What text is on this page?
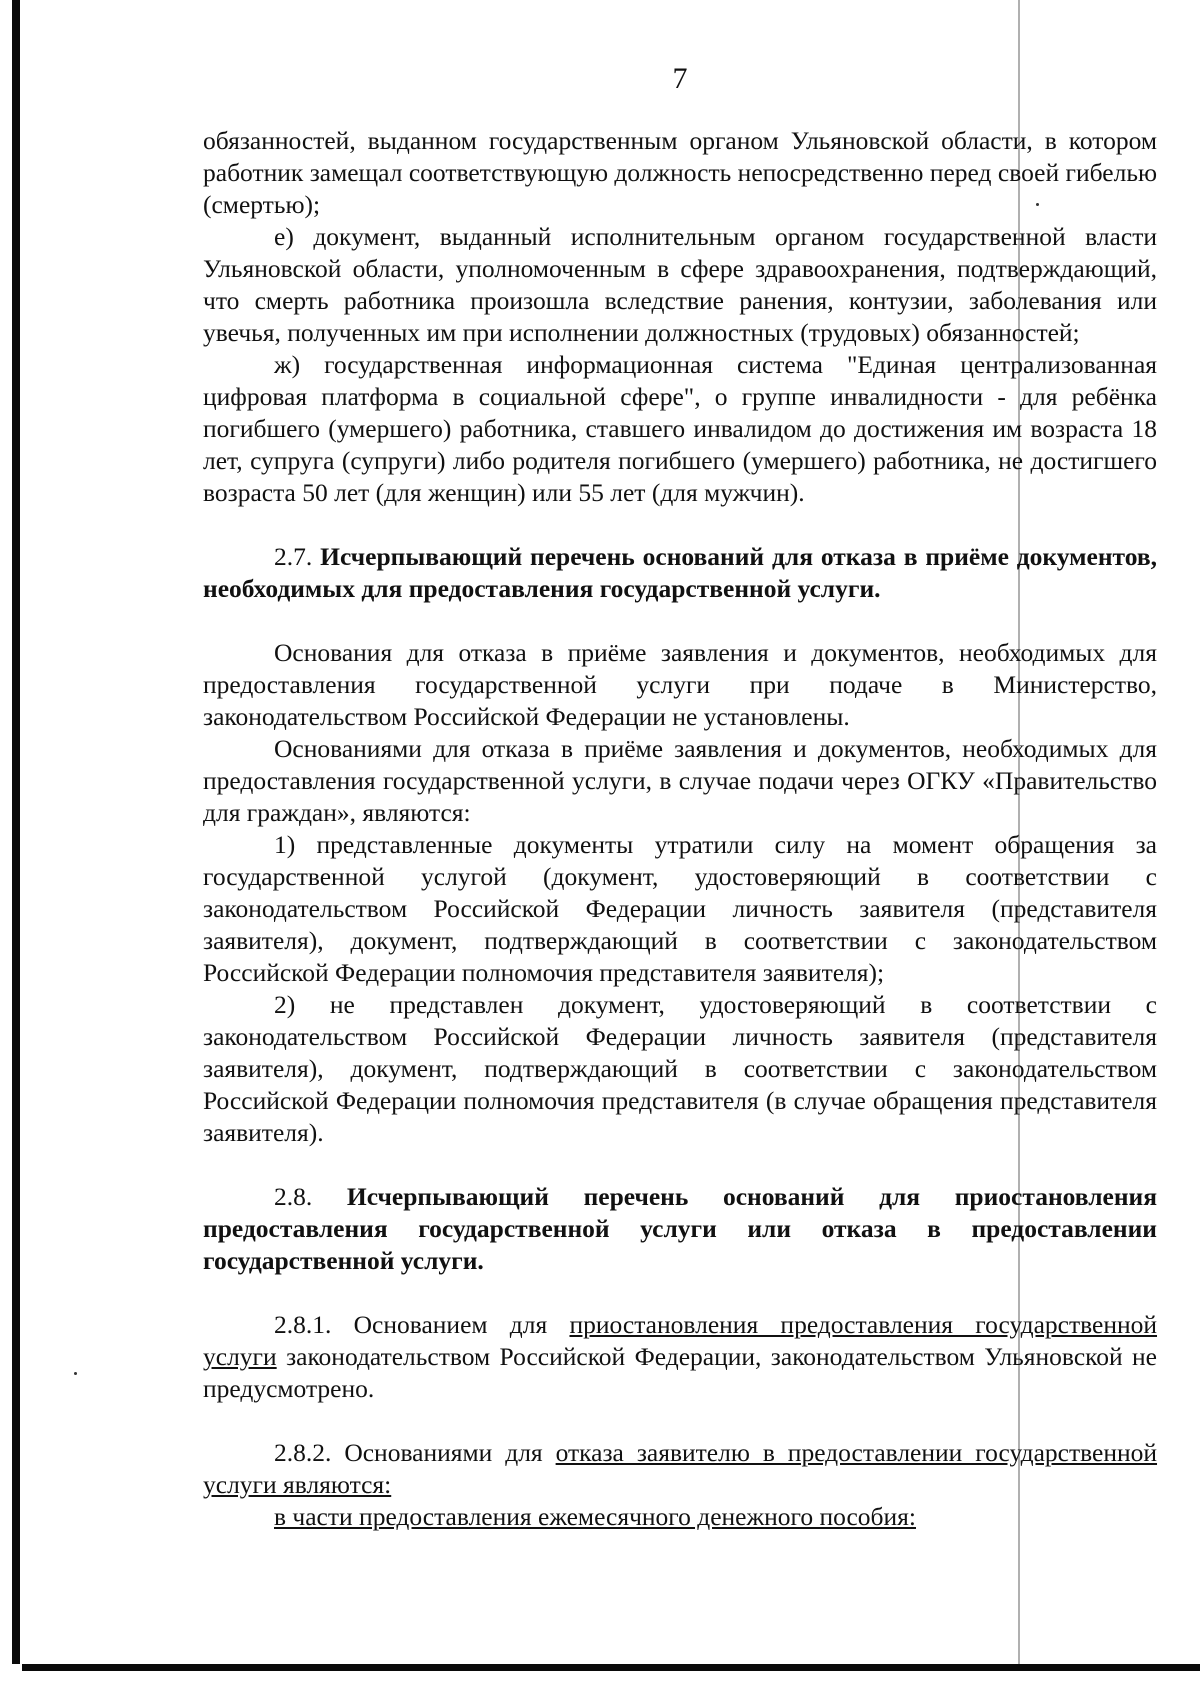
7

обязанностей, выданном государственным органом Ульяновской области, в котором работник замещал соответствующую должность непосредственно перед своей гибелью (смертью);

е) документ, выданный исполнительным органом государственной власти Ульяновской области, уполномоченным в сфере здравоохранения, подтверждающий, что смерть работника произошла вследствие ранения, контузии, заболевания или увечья, полученных им при исполнении должностных (трудовых) обязанностей;

ж) государственная информационная система "Единая централизованная цифровая платформа в социальной сфере", о группе инвалидности - для ребёнка погибшего (умершего) работника, ставшего инвалидом до достижения им возраста 18 лет, супруга (супруги) либо родителя погибшего (умершего) работника, не достигшего возраста 50 лет (для женщин) или 55 лет (для мужчин).

2.7. Исчерпывающий перечень оснований для отказа в приёме документов, необходимых для предоставления государственной услуги.

Основания для отказа в приёме заявления и документов, необходимых для предоставления государственной услуги при подаче в Министерство, законодательством Российской Федерации не установлены.

Основаниями для отказа в приёме заявления и документов, необходимых для предоставления государственной услуги, в случае подачи через ОГКУ «Правительство для граждан», являются:

1) представленные документы утратили силу на момент обращения за государственной услугой (документ, удостоверяющий в соответствии с законодательством Российской Федерации личность заявителя (представителя заявителя), документ, подтверждающий в соответствии с законодательством Российской Федерации полномочия представителя заявителя);

2) не представлен документ, удостоверяющий в соответствии с законодательством Российской Федерации личность заявителя (представителя заявителя), документ, подтверждающий в соответствии с законодательством Российской Федерации полномочия представителя (в случае обращения представителя заявителя).

2.8. Исчерпывающий перечень оснований для приостановления предоставления государственной услуги или отказа в предоставлении государственной услуги.

2.8.1. Основанием для приостановления предоставления государственной услуги законодательством Российской Федерации, законодательством Ульяновской не предусмотрено.

2.8.2. Основаниями для отказа заявителю в предоставлении государственной услуги являются:

в части предоставления ежемесячного денежного пособия:
